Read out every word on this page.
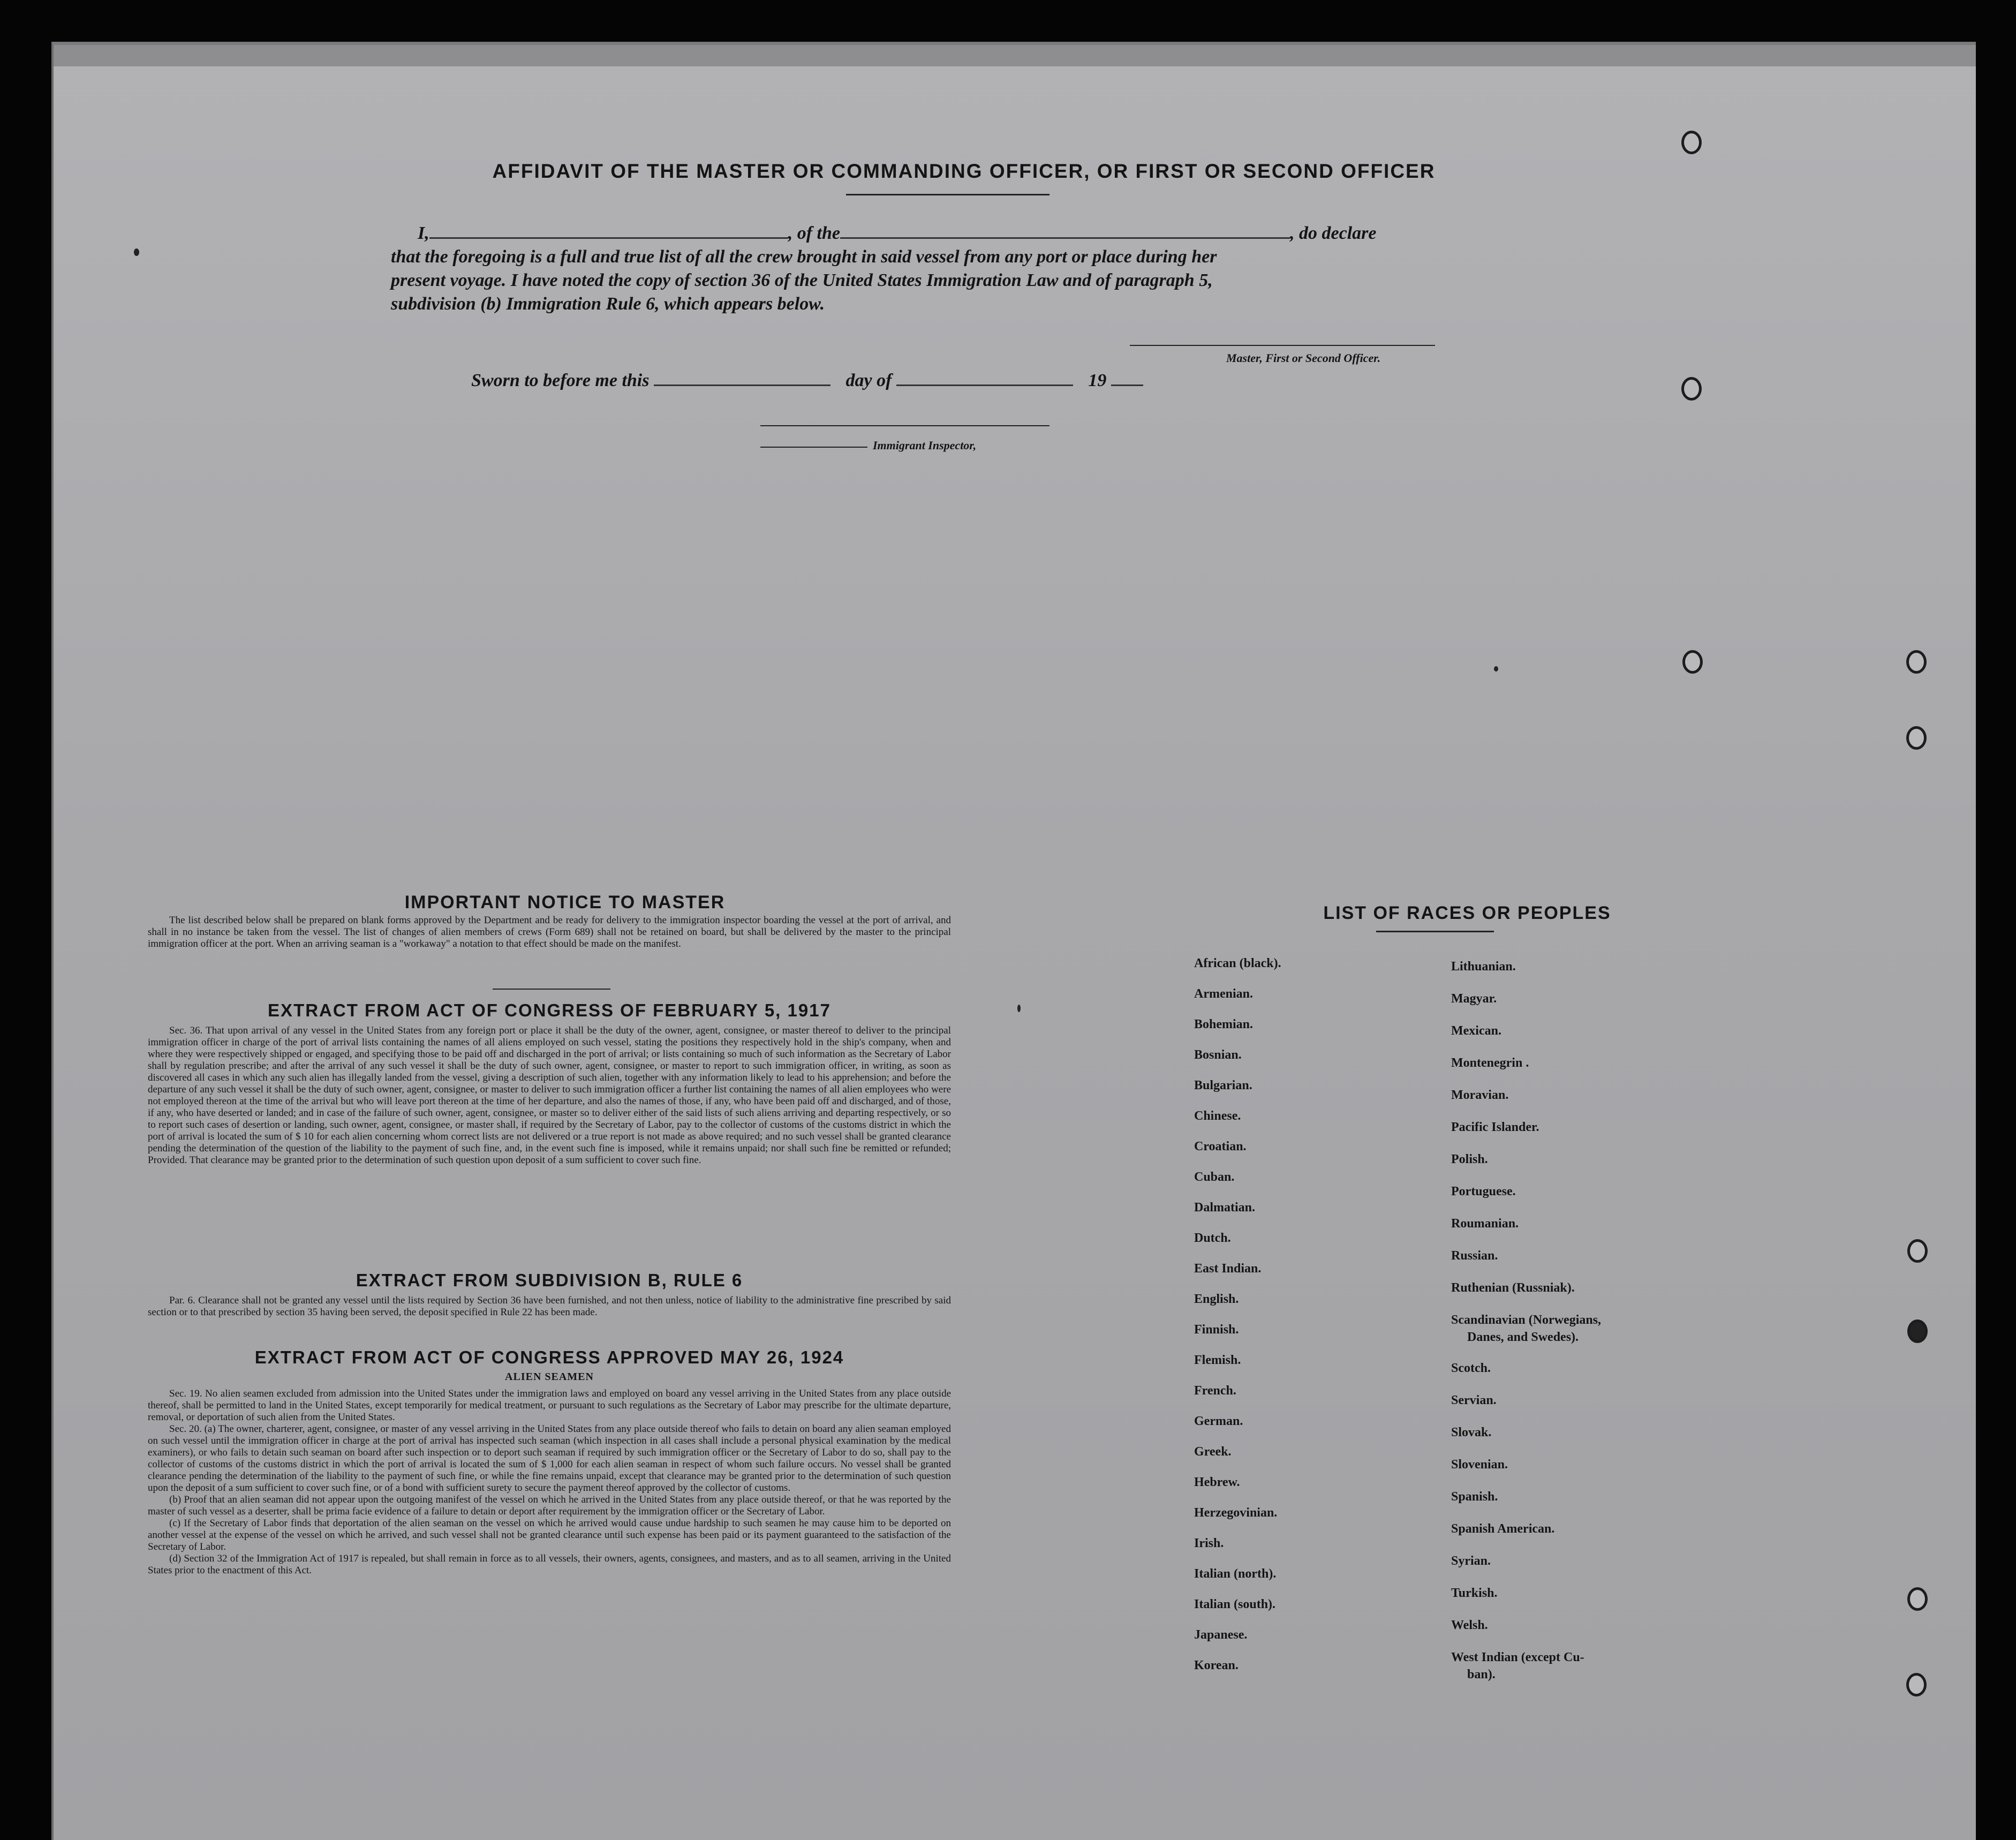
AFFIDAVIT OF THE MASTER OR COMMANDING OFFICER, OR FIRST OR SECOND OFFICER
I,	, of the	, do declare
that the foregoing is a full and true list of all the crew brought in said vessel from any port or place during her
present voyage. I have noted the copy of section 36 of the United States Immigration Law and of paragraph 5,
subdivision (b) Immigration Rule 6, which appears below.
Master, First or Second Officer.
Sworn to before me this	day of	19
Immigrant Inspector,
IMPORTANT NOTICE TO MASTER

The list described below shall be prepared on blank forms approved by the Department and be ready for delivery to the immigration inspector boarding the vessel at the port of arrival, and shall in no instance be taken from the vessel. The list of changes of alien members of crews (Form 689) shall not be retained on board, but shall be delivered by the master to the principal immigration officer at the port. When an arriving seaman is a "workaway" a notation to that effect should be made on the manifest.

EXTRACT FROM ACT OF CONGRESS OF FEBRUARY 5, 1917

Sec. 36. That upon arrival of any vessel in the United States from any foreign port or place it shall be the duty of the owner, agent, consignee, or master thereof to deliver to the principal immigration officer in charge of the port of arrival lists containing the names of all aliens employed on such vessel, stating the positions they respectively hold in the ship's company, when and where they were respectively shipped or engaged, and specifying those to be paid off and discharged in the port of arrival; or lists containing so much of such information as the Secretary of Labor shall by regulation prescribe; and after the arrival of any such vessel it shall be the duty of such owner, agent, consignee, or master to report to such immigration officer, in writing, as soon as discovered all cases in which any such alien has illegally landed from the vessel, giving a description of such alien, together with any information likely to lead to his apprehension; and before the departure of any such vessel it shall be the duty of such owner, agent, consignee, or master to deliver to such immigration officer a further list containing the names of all alien employees who were not employed thereon at the time of the arrival but who will leave port thereon at the time of her departure, and also the names of those, if any, who have been paid off and discharged, and of those, if any, who have deserted or landed; and in case of the failure of such owner, agent, consignee, or master so to deliver either of the said lists of such aliens arriving and departing respectively, or so to report such cases of desertion or landing, such owner, agent, consignee, or master shall, if required by the Secretary of Labor, pay to the collector of customs of the customs district in which the port of arrival is located the sum of $ 10 for each alien concerning whom correct lists are not delivered or a true report is not made as above required; and no such vessel shall be granted clearance pending the determination of the question of the liability to the payment of such fine, and, in the event such fine is imposed, while it remains unpaid; nor shall such fine be remitted or refunded; Provided. That clearance may be granted prior to the determination of such question upon deposit of a sum sufficient to cover such fine.

EXTRACT FROM SUBDIVISION B, RULE 6

Par. 6. Clearance shall not be granted any vessel until the lists required by Section 36 have been furnished, and not then unless, notice of liability to the administrative fine prescribed by said section or to that prescribed by section 35 having been served, the deposit specified in Rule 22 has been made.

EXTRACT FROM ACT OF CONGRESS APPROVED MAY 26, 1924
ALIEN SEAMEN

Sec. 19. No alien seamen excluded from admission into the United States under the immigration laws and employed on board any vessel arriving in the United States from any place outside thereof, shall be permitted to land in the United States, except temporarily for medical treatment, or pursuant to such regulations as the Secretary of Labor may prescribe for the ultimate departure, removal, or deportation of such alien from the United States.

Sec. 20. (a) The owner, charterer, agent, consignee, or master of any vessel arriving in the United States from any place outside thereof who fails to detain on board any alien seaman employed on such vessel until the immigration officer in charge at the port of arrival has inspected such seaman (which inspection in all cases shall include a personal physical examination by the medical examiners), or who fails to detain such seaman on board after such inspection or to deport such seaman if required by such immigration officer or the Secretary of Labor to do so, shall pay to the collector of customs of the customs district in which the port of arrival is located the sum of $ 1,000 for each alien seaman in respect of whom such failure occurs. No vessel shall be granted clearance pending the determination of the liability to the payment of such fine, or while the fine remains unpaid, except that clearance may be granted prior to the determination of such question upon the deposit of a sum sufficient to cover such fine, or of a bond with sufficient surety to secure the payment thereof approved by the collector of customs.

(b) Proof that an alien seaman did not appear upon the outgoing manifest of the vessel on which he arrived in the United States from any place outside thereof, or that he was reported by the master of such vessel as a deserter, shall be prima facie evidence of a failure to detain or deport after requirement by the immigration officer or the Secretary of Labor.

(c) If the Secretary of Labor finds that deportation of the alien seaman on the vessel on which he arrived would cause undue hardship to such seamen he may cause him to be deported on another vessel at the expense of the vessel on which he arrived, and such vessel shall not be granted clearance until such expense has been paid or its payment guaranteed to the satisfaction of the Secretary of Labor.

(d) Section 32 of the Immigration Act of 1917 is repealed, but shall remain in force as to all vessels, their owners, agents, consignees, and masters, and as to all seamen, arriving in the United States prior to the enactment of this Act.

LIST OF RACES OR PEOPLES
African (black).
Armenian.
Bohemian.
Bosnian.
Bulgarian.
Chinese.
Croatian.
Cuban.
Dalmatian.
Dutch.
East Indian.
English.
Finnish.
Flemish.
French.
German.
Greek.
Hebrew.
Herzegovinian.
Irish.
Italian (north).
Italian (south).
Japanese.
Korean.
Lithuanian.
Magyar.
Mexican.
Montenegrin .
Moravian.
Pacific Islander.
Polish.
Portuguese.
Roumanian.
Russian.
Ruthenian (Russniak).
Scandinavian (Norwegians,
Danes, and Swedes).
Scotch.
Servian.
Slovak.
Slovenian.
Spanish.
Spanish American.
Syrian.
Turkish.
Welsh.
West Indian (except Cu-
ban).
